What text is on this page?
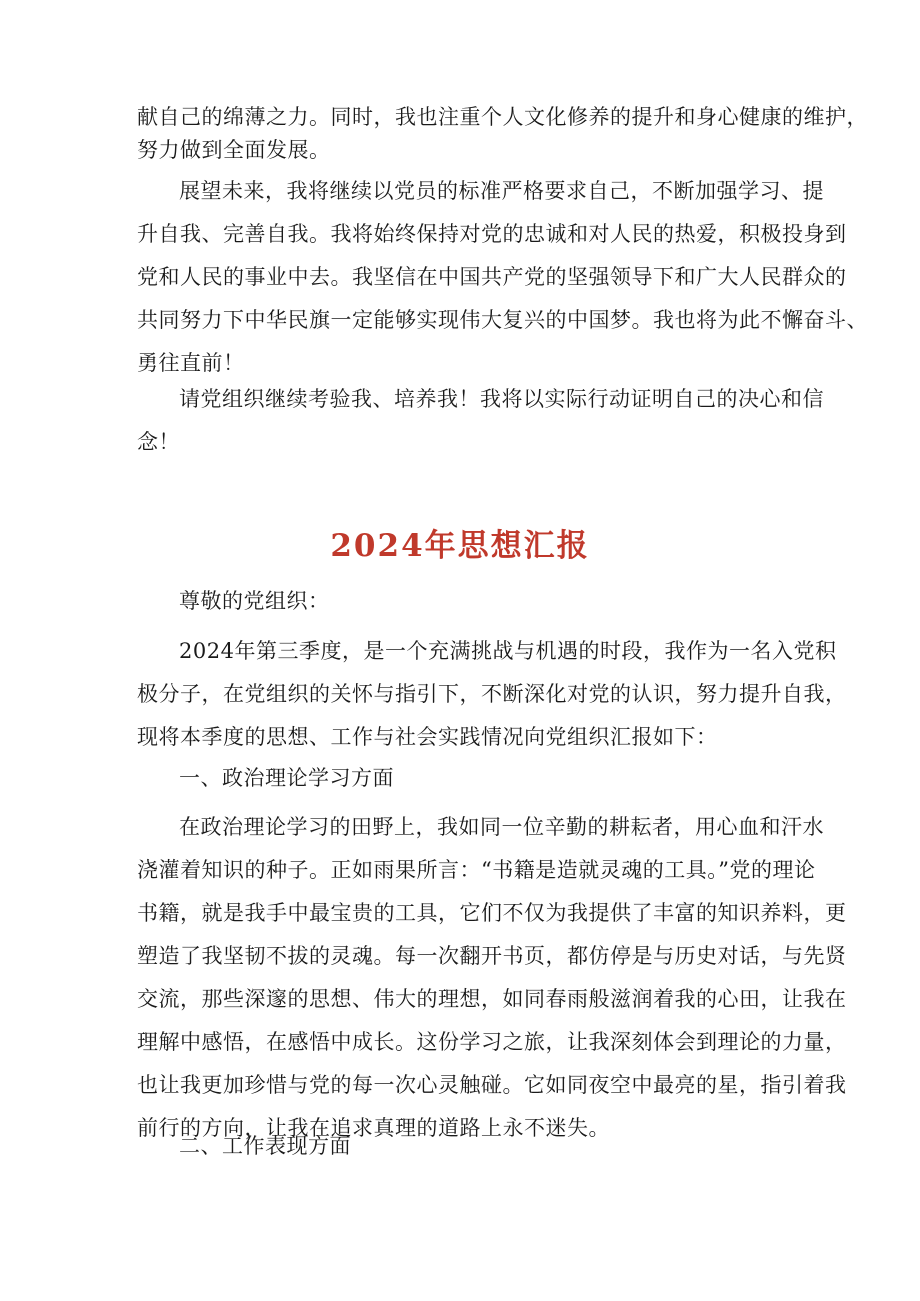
献自己的绵薄之力。同时，我也注重个人文化修养的提升和身心健康的维护，
努力做到全面发展。
展望未来，我将继续以党员的标准严格要求自己，不断加强学习、提
升自我、完善自我。我将始终保持对党的忠诚和对人民的热爱，积极投身到
党和人民的事业中去。我坚信在中国共产党的坚强领导下和广大人民群众的
共同努力下中华民旗一定能够实现伟大复兴的中国梦。我也将为此不懈奋斗、
勇往直前！
请党组织继续考验我、培养我！我将以实际行动证明自己的决心和信
念！
2024年思想汇报
尊敬的党组织：
2024年第三季度，是一个充满挑战与机遇的时段，我作为一名入党积
极分子，在党组织的关怀与指引下，不断深化对党的认识，努力提升自我，
现将本季度的思想、工作与社会实践情况向党组织汇报如下：
一、政治理论学习方面
在政治理论学习的田野上，我如同一位辛勤的耕耘者，用心血和汗水
浇灌着知识的种子。正如雨果所言：“书籍是造就灵魂的工具。”党的理论
书籍，就是我手中最宝贵的工具，它们不仅为我提供了丰富的知识养料，更
塑造了我坚韧不拔的灵魂。每一次翻开书页，都仿停是与历史对话，与先贤
交流，那些深邃的思想、伟大的理想，如同春雨般滋润着我的心田，让我在
理解中感悟，在感悟中成长。这份学习之旅，让我深刻体会到理论的力量，
也让我更加珍惜与党的每一次心灵触碰。它如同夜空中最亮的星，指引着我
前行的方向，让我在追求真理的道路上永不迷失。
二、工作表现方面
